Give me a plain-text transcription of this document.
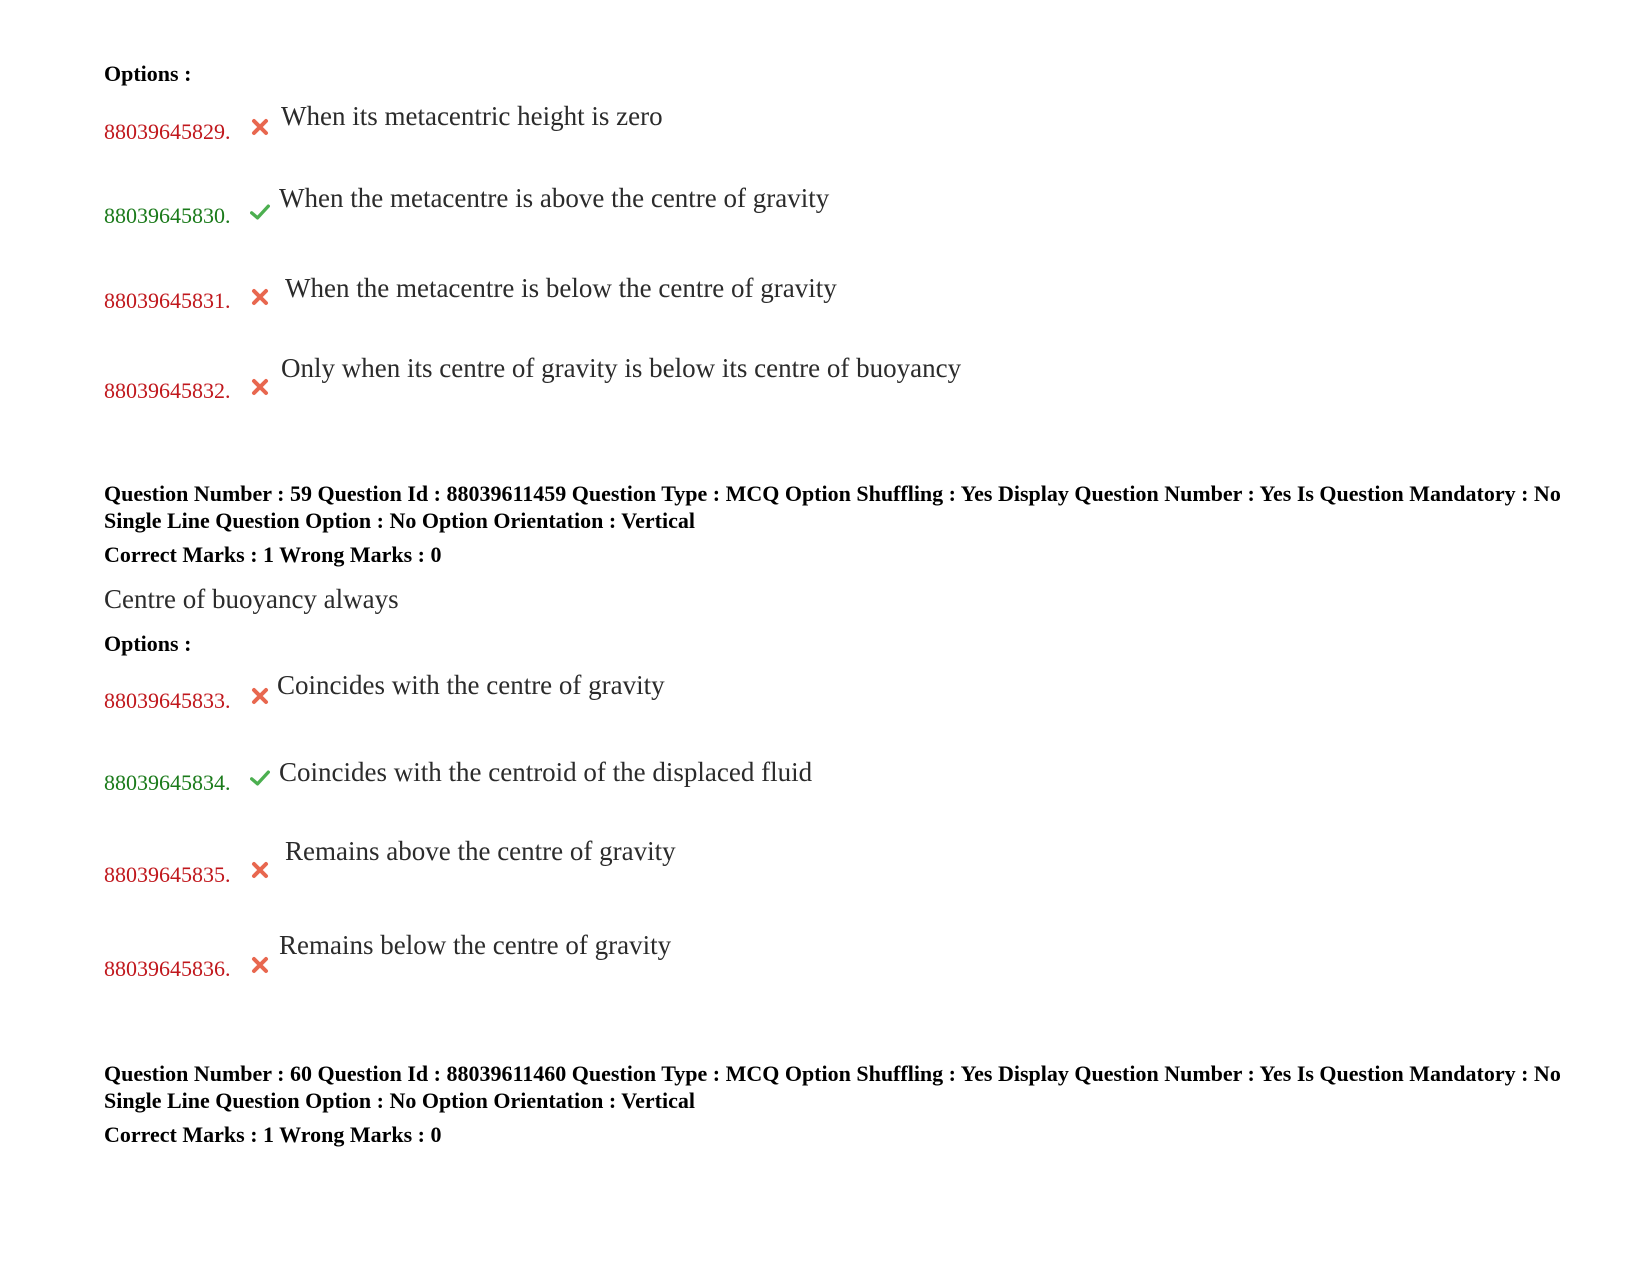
Options :
88039645829.
When its metacentric height is zero
88039645830.
When the metacentre is above the centre of gravity
88039645831. When the metacentre is below the centre of gravity
88039645832.
Only when its centre of gravity is below its centre of buoyancy
Question Number : 59 Question Id : 88039611459 Question Type : MCQ Option Shuffling : Yes Display Question Number : Yes Is Question Mandatory : No Single Line Question Option : No Option Orientation : Vertical
Correct Marks : 1 Wrong Marks : 0
Centre of buoyancy always
Options :
88039645833.
Coincides with the centre of gravity
88039645834. Coincides with the centroid of the displaced fluid
88039645835.
Remains above the centre of gravity
88039645836.
Remains below the centre of gravity
Question Number : 60 Question Id : 88039611460 Question Type : MCQ Option Shuffling : Yes Display Question Number : Yes Is Question Mandatory : No Single Line Question Option : No Option Orientation : Vertical
Correct Marks : 1 Wrong Marks : 0
